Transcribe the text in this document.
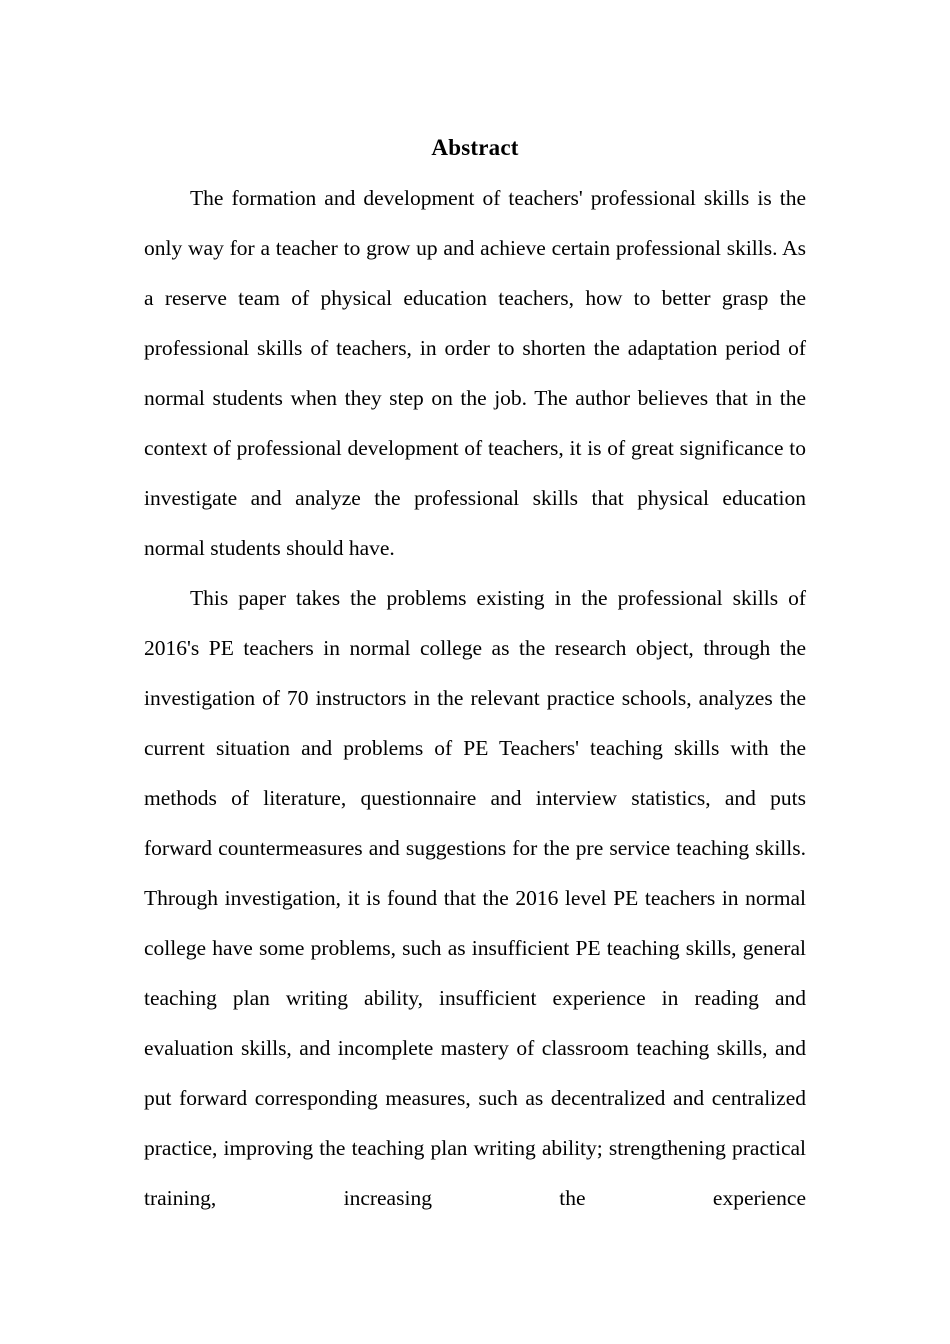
Abstract

The formation and development of teachers' professional skills is the only way for a teacher to grow up and achieve certain professional skills. As a reserve team of physical education teachers, how to better grasp the professional skills of teachers, in order to shorten the adaptation period of normal students when they step on the job. The author believes that in the context of professional development of teachers, it is of great significance to investigate and analyze the professional skills that physical education normal students should have.

This paper takes the problems existing in the professional skills of 2016's PE teachers in normal college as the research object, through the investigation of 70 instructors in the relevant practice schools, analyzes the current situation and problems of PE Teachers' teaching skills with the methods of literature, questionnaire and interview statistics, and puts forward countermeasures and suggestions for the pre service teaching skills. Through investigation, it is found that the 2016 level PE teachers in normal college have some problems, such as insufficient PE teaching skills, general teaching plan writing ability, insufficient experience in reading and evaluation skills, and incomplete mastery of classroom teaching skills, and put forward corresponding measures, such as decentralized and centralized practice, improving the teaching plan writing ability; strengthening practical training, increasing the experience
